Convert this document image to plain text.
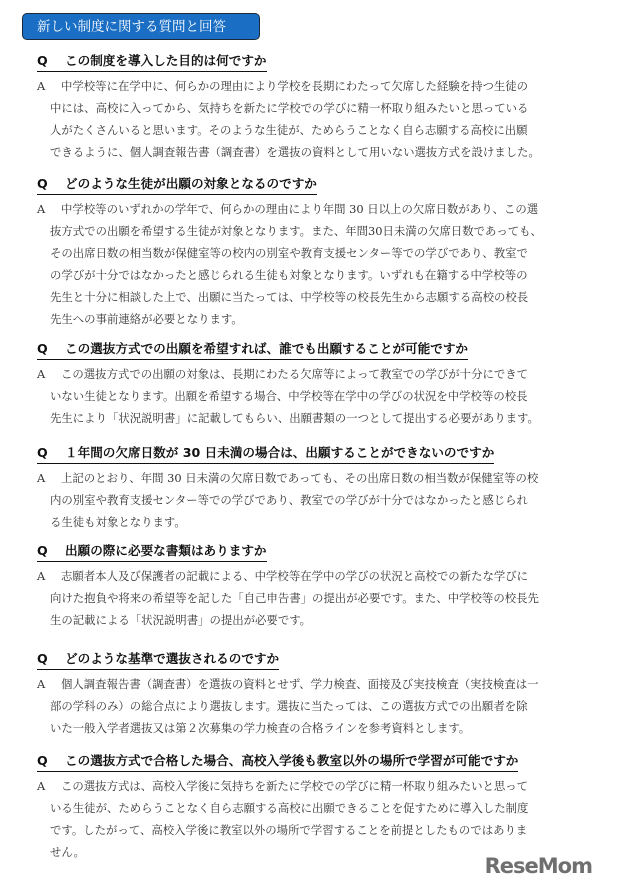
新しい制度に関する質問と回答
Q この制度を導入した目的は何ですか
A 中学校等に在学中に、何らかの理由により学校を長期にわたって欠席した経験を持つ生徒の
中には、高校に入ってから、気持ちを新たに学校での学びに精一杯取り組みたいと思っている
人がたくさんいると思います。そのような生徒が、ためらうことなく自ら志願する高校に出願
できるように、個人調査報告書（調査書）を選抜の資料として用いない選抜方式を設けました。
Q どのような生徒が出願の対象となるのですか
A 中学校等のいずれかの学年で、何らかの理由により年間 30 日以上の欠席日数があり、この選
抜方式での出願を希望する生徒が対象となります。また、年間30日未満の欠席日数であっても、
その出席日数の相当数が保健室等の校内の別室や教育支援センター等での学びであり、教室で
の学びが十分ではなかったと感じられる生徒も対象となります。いずれも在籍する中学校等の
先生と十分に相談した上で、出願に当たっては、中学校等の校長先生から志願する高校の校長
先生への事前連絡が必要となります。
Q この選抜方式での出願を希望すれば、誰でも出願することが可能ですか
A この選抜方式での出願の対象は、長期にわたる欠席等によって教室での学びが十分にできて
いない生徒となります。出願を希望する場合、中学校等在学中の学びの状況を中学校等の校長
先生により「状況説明書」に記載してもらい、出願書類の一つとして提出する必要があります。
Q １年間の欠席日数が 30 日未満の場合は、出願することができないのですか
A 上記のとおり、年間 30 日未満の欠席日数であっても、その出席日数の相当数が保健室等の校
内の別室や教育支援センター等での学びであり、教室での学びが十分ではなかったと感じられ
る生徒も対象となります。
Q 出願の際に必要な書類はありますか
A 志願者本人及び保護者の記載による、中学校等在学中の学びの状況と高校での新たな学びに
向けた抱負や将来の希望等を記した「自己申告書」の提出が必要です。また、中学校等の校長先
生の記載による「状況説明書」の提出が必要です。
Q どのような基準で選抜されるのですか
A 個人調査報告書（調査書）を選抜の資料とせず、学力検査、面接及び実技検査（実技検査は一
部の学科のみ）の総合点により選抜します。選抜に当たっては、この選抜方式での出願者を除
いた一般入学者選抜又は第２次募集の学力検査の合格ラインを参考資料とします。
Q この選抜方式で合格した場合、高校入学後も教室以外の場所で学習が可能ですか
A この選抜方式は、高校入学後に気持ちを新たに学校での学びに精一杯取り組みたいと思って
いる生徒が、ためらうことなく自ら志願する高校に出願できることを促すために導入した制度
です。したがって、高校入学後に教室以外の場所で学習することを前提としたものではありま
せん。
ReseMom
